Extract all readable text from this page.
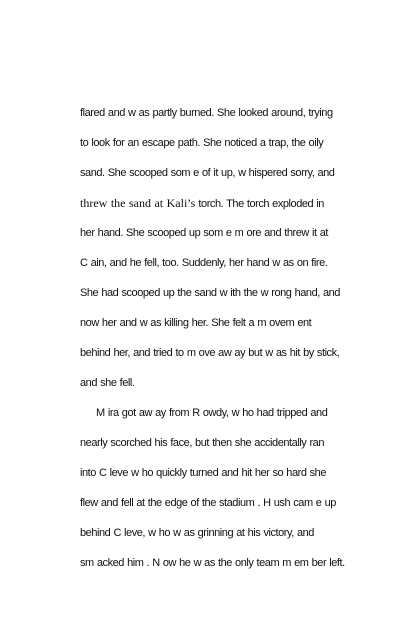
flared and w as partly burned. She looked around, trying
to look for an escape path. She noticed a trap, the oily
sand. She scooped som e of it up, w hispered sorry, and
threw the sand at Kali’s torch. The torch exploded in
her hand. She scooped up som e m ore and threw it at
C ain, and he fell, too. Suddenly, her hand w as on fire.
She had scooped up the sand w ith the w rong hand, and
now her and w as killing her. She felt a m ovem ent
behind her, and tried to m ove aw ay but w as hit by stick,
and she fell.
M ira got aw ay from R owdy, w ho had tripped and
nearly scorched his face, but then she accidentally ran
into C leve w ho quickly turned and hit her so hard she
flew and fell at the edge of the stadium . H ush cam e up
behind C leve, w ho w as grinning at his victory, and
sm acked him . N ow he w as the only team m em ber left.
